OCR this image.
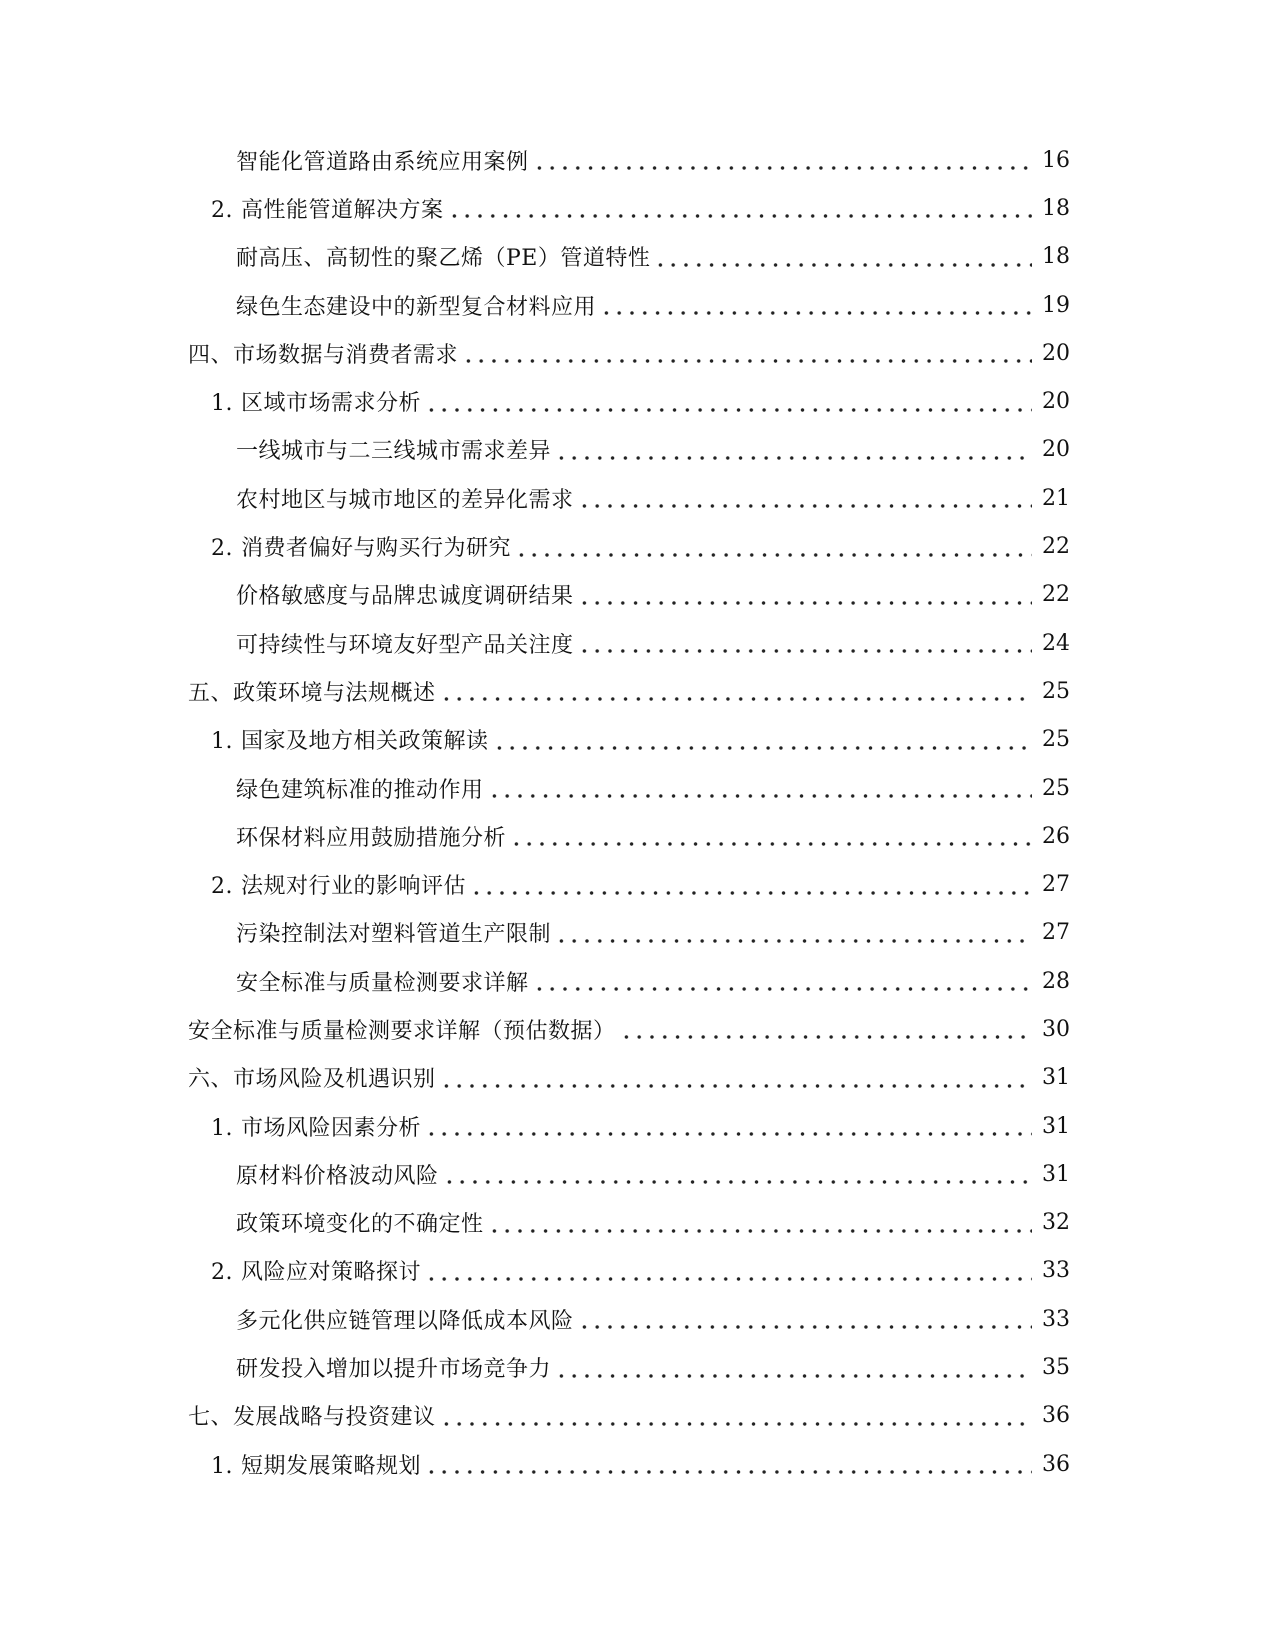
智能化管道路由系统应用案例	16
2. 高性能管道解决方案	18
耐高压、高韧性的聚乙烯（PE）管道特性	18
绿色生态建设中的新型复合材料应用	19
四、市场数据与消费者需求	20
1. 区域市场需求分析	20
一线城市与二三线城市需求差异	20
农村地区与城市地区的差异化需求	21
2. 消费者偏好与购买行为研究	22
价格敏感度与品牌忠诚度调研结果	22
可持续性与环境友好型产品关注度	24
五、政策环境与法规概述	25
1. 国家及地方相关政策解读	25
绿色建筑标准的推动作用	25
环保材料应用鼓励措施分析	26
2. 法规对行业的影响评估	27
污染控制法对塑料管道生产限制	27
安全标准与质量检测要求详解	28
安全标准与质量检测要求详解（预估数据）	30
六、市场风险及机遇识别	31
1. 市场风险因素分析	31
原材料价格波动风险	31
政策环境变化的不确定性	32
2. 风险应对策略探讨	33
多元化供应链管理以降低成本风险	33
研发投入增加以提升市场竞争力	35
七、发展战略与投资建议	36
1. 短期发展策略规划	36
